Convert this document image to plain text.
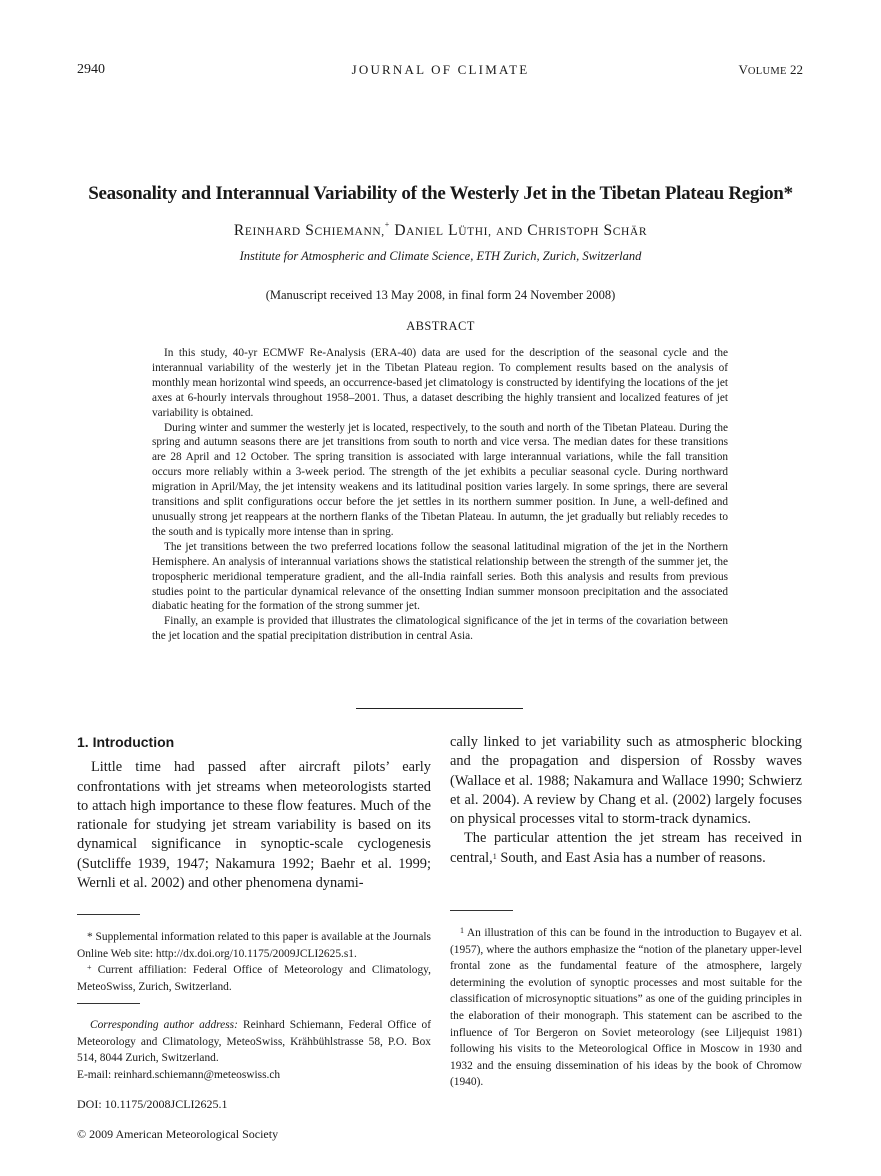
2940	JOURNAL OF CLIMATE	VOLUME 22
Seasonality and Interannual Variability of the Westerly Jet in the Tibetan Plateau Region*
REINHARD SCHIEMANN,+ DANIEL LÜTHI, AND CHRISTOPH SCHÄR
Institute for Atmospheric and Climate Science, ETH Zurich, Zurich, Switzerland
(Manuscript received 13 May 2008, in final form 24 November 2008)
ABSTRACT

In this study, 40-yr ECMWF Re-Analysis (ERA-40) data are used for the description of the seasonal cycle and the interannual variability of the westerly jet in the Tibetan Plateau region. To complement results based on the analysis of monthly mean horizontal wind speeds, an occurrence-based jet climatology is constructed by identifying the locations of the jet axes at 6-hourly intervals throughout 1958–2001. Thus, a dataset describing the highly transient and localized features of jet variability is obtained.

During winter and summer the westerly jet is located, respectively, to the south and north of the Tibetan Plateau. During the spring and autumn seasons there are jet transitions from south to north and vice versa. The median dates for these transitions are 28 April and 12 October. The spring transition is associated with large interannual variations, while the fall transition occurs more reliably within a 3-week period. The strength of the jet exhibits a peculiar seasonal cycle. During northward migration in April/May, the jet intensity weakens and its latitudinal position varies largely. In some springs, there are several transitions and split configurations occur before the jet settles in its northern summer position. In June, a well-defined and unusually strong jet reappears at the northern flanks of the Tibetan Plateau. In autumn, the jet gradually but reliably recedes to the south and is typically more intense than in spring.

The jet transitions between the two preferred locations follow the seasonal latitudinal migration of the jet in the Northern Hemisphere. An analysis of interannual variations shows the statistical relationship between the strength of the summer jet, the tropospheric meridional temperature gradient, and the all-India rainfall series. Both this analysis and results from previous studies point to the particular dynamical relevance of the onsetting Indian summer monsoon precipitation and the associated diabatic heating for the formation of the strong summer jet.

Finally, an example is provided that illustrates the climatological significance of the jet in terms of the covariation between the jet location and the spatial precipitation distribution in central Asia.

1. Introduction

Little time had passed after aircraft pilots’ early confrontations with jet streams when meteorologists started to attach high importance to these flow features. Much of the rationale for studying jet stream variability is based on its dynamical significance in synoptic-scale cyclogenesis (Sutcliffe 1939, 1947; Nakamura 1992; Baehr et al. 1999; Wernli et al. 2002) and other phenomena dynami-

cally linked to jet variability such as atmospheric blocking and the propagation and dispersion of Rossby waves (Wallace et al. 1988; Nakamura and Wallace 1990; Schwierz et al. 2004). A review by Chang et al. (2002) largely focuses on physical processes vital to storm-track dynamics.

The particular attention the jet stream has received in central,$^1$ South, and East Asia has a number of reasons.

* Supplemental information related to this paper is available at the Journals Online Web site: http://dx.doi.org/10.1175/2009JCLI2625.s1.

+ Current affiliation: Federal Office of Meteorology and Climatology, MeteoSwiss, Zurich, Switzerland.

Corresponding author address: Reinhard Schiemann, Federal Office of Meteorology and Climatology, MeteoSwiss, Krähbühlstrasse 58, P.O. Box 514, 8044 Zurich, Switzerland.

E-mail: reinhard.schiemann@meteoswiss.ch

$^1$ An illustration of this can be found in the introduction to Bugayev et al. (1957), where the authors emphasize the “notion of the planetary upper-level frontal zone as the fundamental feature of the atmosphere, largely determining the evolution of synoptic processes and most suitable for the classification of microsynoptic situations” as one of the guiding principles in the elaboration of their monograph. This statement can be ascribed to the influence of Tor Bergeron on Soviet meteorology (see Liljequist 1981) following his visits to the Meteorological Office in Moscow in 1930 and 1932 and the ensuing dissemination of his ideas by the book of Chromow (1940).

DOI: 10.1175/2008JCLI2625.1
© 2009 American Meteorological Society
